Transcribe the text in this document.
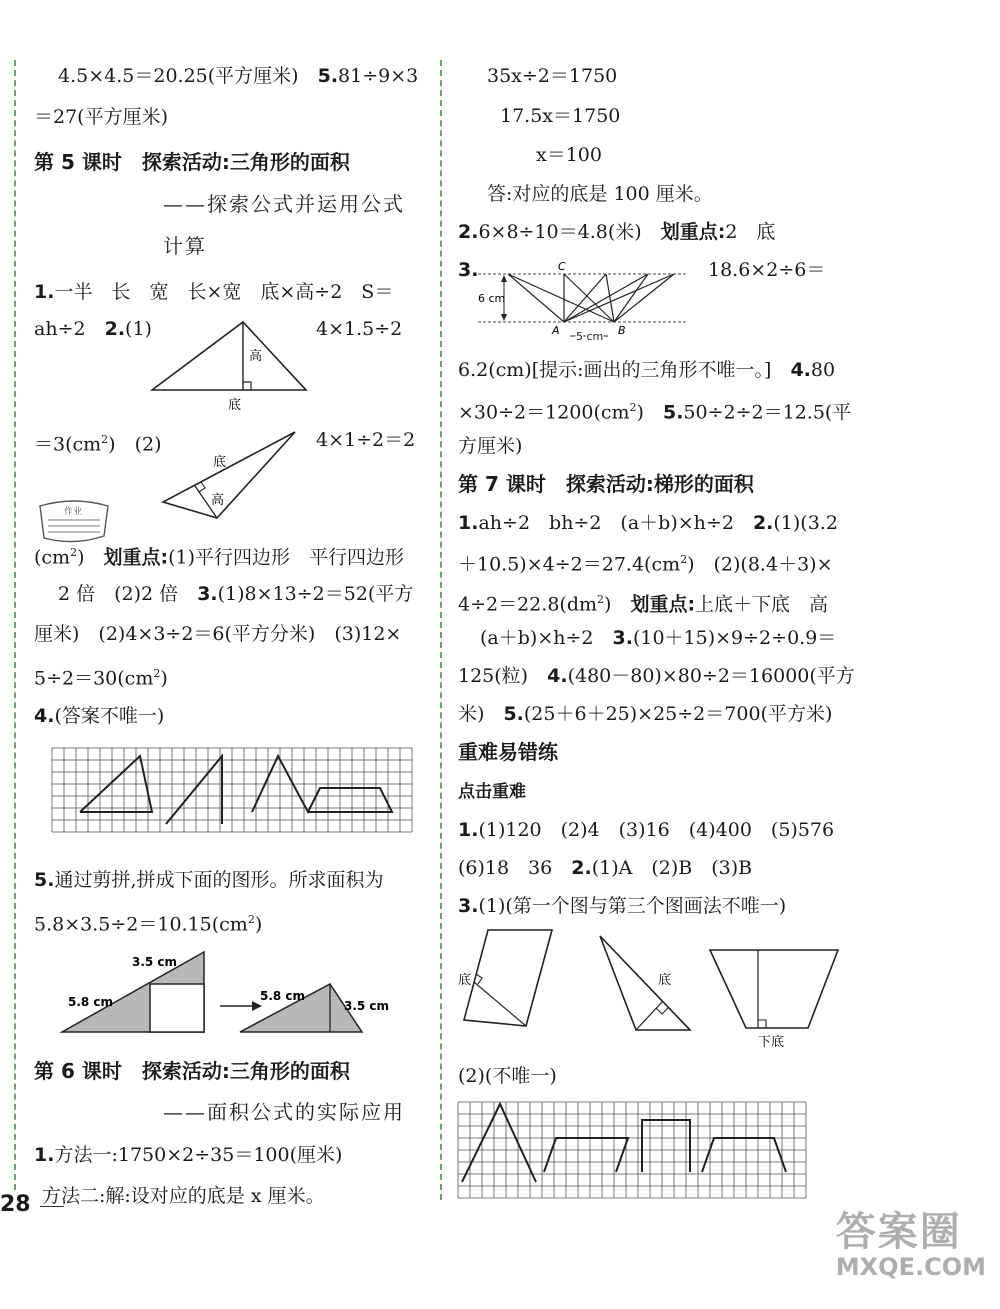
4.5×4.5＝20.25(平方厘米)　 5.81÷9×3
＝27(平方厘米)
第 5 课时　探索活动:三角形的面积
——探索公式并运用公式
计算
1.一半　长　宽　长×宽　底×高÷2　S＝
ah÷2　 2.(1)	4×1.5÷2
高
底
$=3(cm^2)$　(2)	4×1÷2＝2
底
高
作业
$(cm^2)$　 划重点:(1)平行四边形　平行四边形
2 倍　(2)2 倍　 3.(1)8×13÷2＝52(平方
厘米)　(2)4×3÷2＝6(平方分米)　(3)12×
$5\div 2=30(cm^2)$
4.(答案不唯一)
5.通过剪拼,拼成下面的图形。所求面积为
$5.8\times 3.5\div 2=10.15(cm^2)$
3.5 cm
5.8 cm	5.8 cm
3.5 cm
第 6 课时　探索活动:三角形的面积
——面积公式的实际应用
1.方法一:1750×2÷35＝100(厘米)
方法二:解:设对应的底是 x 厘米。
28
35x÷2＝1750
17.5x＝1750
x＝100
答:对应的底是 100 厘米。
2.6×8÷10＝4.8(米)　 划重点:2　底
3.	18.6×2÷6＝
C
6 cm
A	B
5 cm
6.2(cm)[提示:画出的三角形不唯一。]　 4.80
$\times 30\div 2=1200(cm^2)$　 5.50÷2÷2＝12.5(平
方厘米)
第 7 课时　探索活动:梯形的面积
1.ah÷2　bh÷2　(a＋b)×h÷2　 2.(1)(3.2
$+10.5)\times 4\div 2=27.4(cm^2)$　(2)(8.4＋3)×
$4\div 2=22.8(dm^2)$　 划重点:上底＋下底　高
(a＋b)×h÷2　 3.(10＋15)×9÷2÷0.9＝
125(粒)　 4.(480－80)×80÷2＝16000(平方
米)　 5.(25＋6＋25)×25÷2＝700(平方米)
重难易错练
点击重难
1.(1)120　(2)4　(3)16　(4)400　(5)576
(6)18　36　 2.(1)A　(2)B　(3)B
3.(1)(第一个图与第三个图画法不唯一)
底	底
下底
(2)(不唯一)
答案圈
MXQE.COM
